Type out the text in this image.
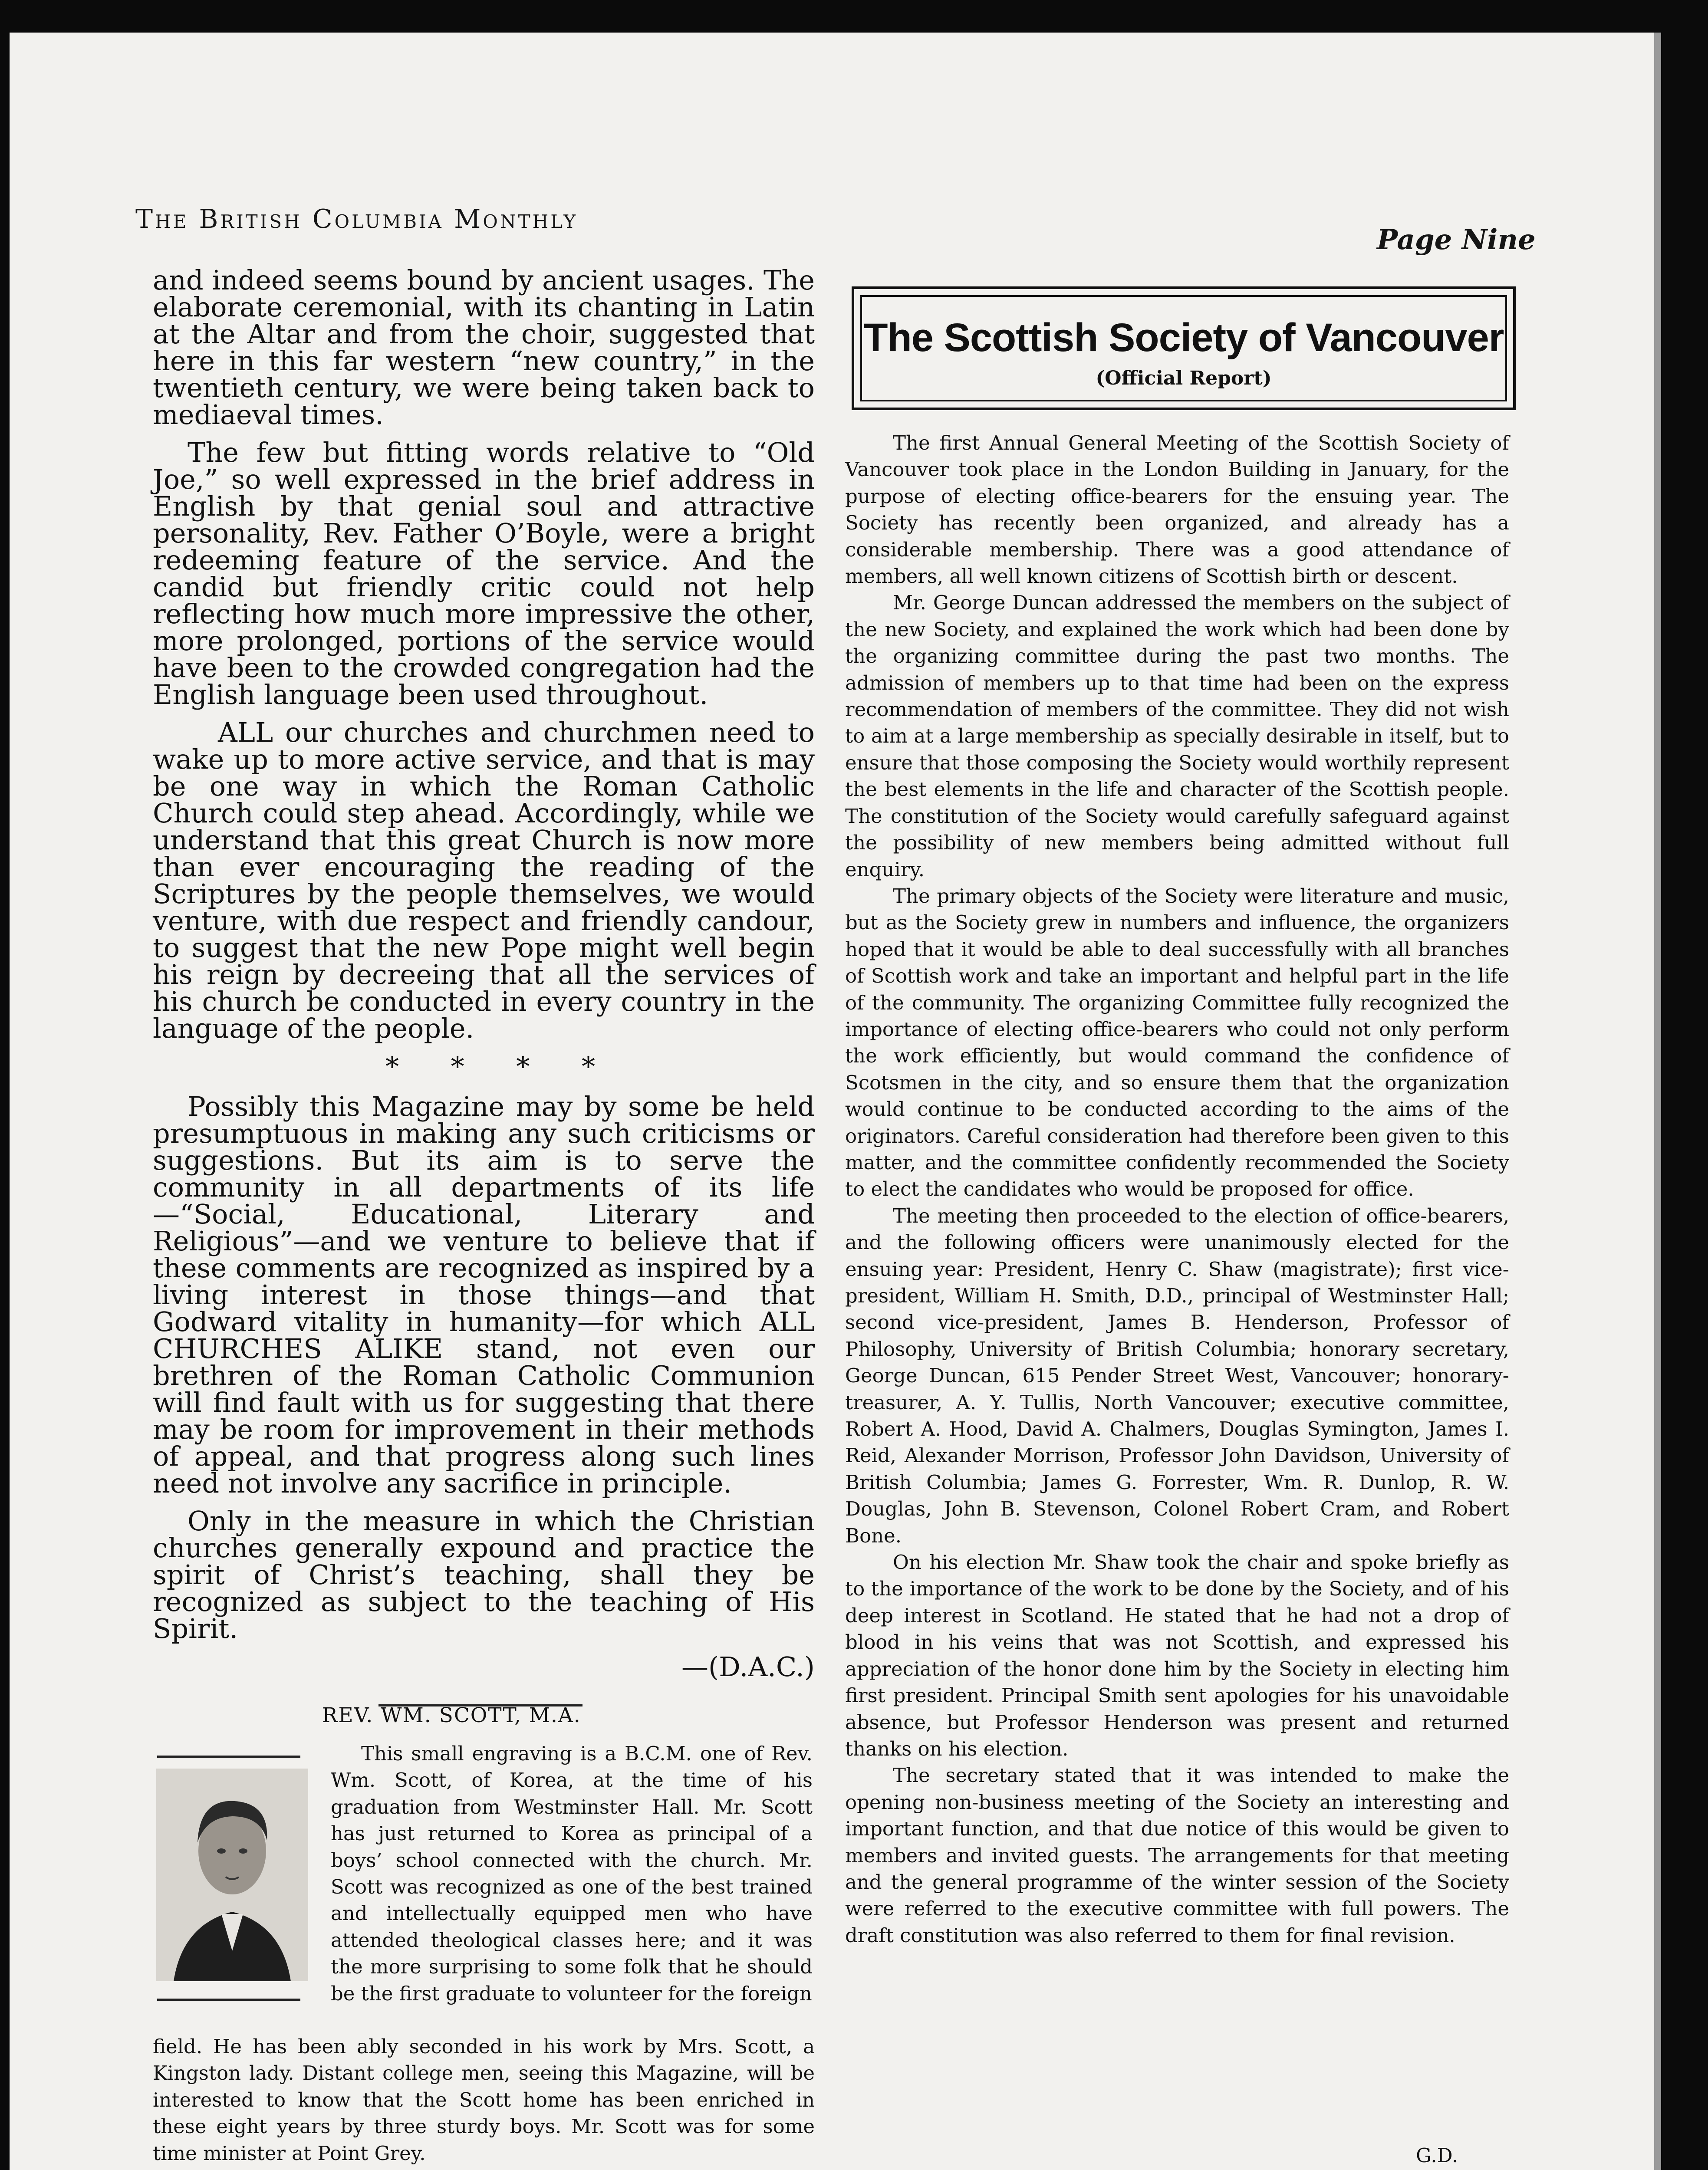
The British Columbia Monthly
Page Nine

and indeed seems bound by ancient usages. The elaborate ceremonial, with its chanting in Latin at the Altar and from the choir, suggested that here in this far western “new country,” in the twentieth century, we were being taken back to mediaeval times.

The few but fitting words relative to “Old Joe,” so well expressed in the brief address in English by that genial soul and attractive personality, Rev. Father O’Boyle, were a bright redeeming feature of the service. And the candid but friendly critic could not help reflecting how much more impressive the other, more prolonged, portions of the service would have been to the crowded congregation had the English language been used throughout.

ALL our churches and churchmen need to wake up to more active service, and that is may be one way in which the Roman Catholic Church could step ahead. Accordingly, while we understand that this great Church is now more than ever encouraging the reading of the Scriptures by the people themselves, we would venture, with due respect and friendly candour, to suggest that the new Pope might well begin his reign by decreeing that all the services of his church be conducted in every country in the language of the people.

* * * *

Possibly this Magazine may by some be held presumptuous in making any such criticisms or suggestions. But its aim is to serve the community in all departments of its life—“Social, Educational, Literary and Religious”—and we venture to believe that if these comments are recognized as inspired by a living interest in those things—and that Godward vitality in humanity—for which ALL CHURCHES ALIKE stand, not even our brethren of the Roman Catholic Communion will find fault with us for suggesting that there may be room for improvement in their methods of appeal, and that progress along such lines need not involve any sacrifice in principle.

Only in the measure in which the Christian churches generally expound and practice the spirit of Christ’s teaching, shall they be recognized as subject to the teaching of His Spirit.

—(D.A.C.)
REV. WM. SCOTT, M.A.

This small engraving is a B.C.M. one of Rev. Wm. Scott, of Korea, at the time of his graduation from Westminster Hall. Mr. Scott has just returned to Korea as principal of a boys’ school connected with the church. Mr. Scott was recognized as one of the best trained and intellectually equipped men who have attended theological classes here; and it was the more surprising to some folk that he should be the first graduate to volunteer for the foreign

field. He has been ably seconded in his work by Mrs. Scott, a Kingston lady. Distant college men, seeing this Magazine, will be interested to know that the Scott home has been enriched in these eight years by three sturdy boys. Mr. Scott was for some time minister at Point Grey.

The Scottish Society of Vancouver
(Official Report)

The first Annual General Meeting of the Scottish Society of Vancouver took place in the London Building in January, for the purpose of electing office-bearers for the ensuing year. The Society has recently been organized, and already has a considerable membership. There was a good attendance of members, all well known citizens of Scottish birth or descent.

Mr. George Duncan addressed the members on the subject of the new Society, and explained the work which had been done by the organizing committee during the past two months. The admission of members up to that time had been on the express recommendation of members of the committee. They did not wish to aim at a large membership as specially desirable in itself, but to ensure that those composing the Society would worthily represent the best elements in the life and character of the Scottish people. The constitution of the Society would carefully safeguard against the possibility of new members being admitted without full enquiry.

The primary objects of the Society were literature and music, but as the Society grew in numbers and influence, the organizers hoped that it would be able to deal successfully with all branches of Scottish work and take an important and helpful part in the life of the community. The organizing Committee fully recognized the importance of electing office-bearers who could not only perform the work efficiently, but would command the confidence of Scotsmen in the city, and so ensure them that the organization would continue to be conducted according to the aims of the originators. Careful consideration had therefore been given to this matter, and the committee confidently recommended the Society to elect the candidates who would be proposed for office.

The meeting then proceeded to the election of office-bearers, and the following officers were unanimously elected for the ensuing year: President, Henry C. Shaw (magistrate); first vice-president, William H. Smith, D.D., principal of Westminster Hall; second vice-president, James B. Henderson, Professor of Philosophy, University of British Columbia; honorary secretary, George Duncan, 615 Pender Street West, Vancouver; honorary-treasurer, A. Y. Tullis, North Vancouver; executive committee, Robert A. Hood, David A. Chalmers, Douglas Symington, James I. Reid, Alexander Morrison, Professor John Davidson, University of British Columbia; James G. Forrester, Wm. R. Dunlop, R. W. Douglas, John B. Stevenson, Colonel Robert Cram, and Robert Bone.

On his election Mr. Shaw took the chair and spoke briefly as to the importance of the work to be done by the Society, and of his deep interest in Scotland. He stated that he had not a drop of blood in his veins that was not Scottish, and expressed his appreciation of the honor done him by the Society in electing him first president. Principal Smith sent apologies for his unavoidable absence, but Professor Henderson was present and returned thanks on his election.

The secretary stated that it was intended to make the opening non-business meeting of the Society an interesting and important function, and that due notice of this would be given to members and invited guests. The arrangements for that meeting and the general programme of the winter session of the Society were referred to the executive committee with full powers. The draft constitution was also referred to them for final revision.

G.D.
